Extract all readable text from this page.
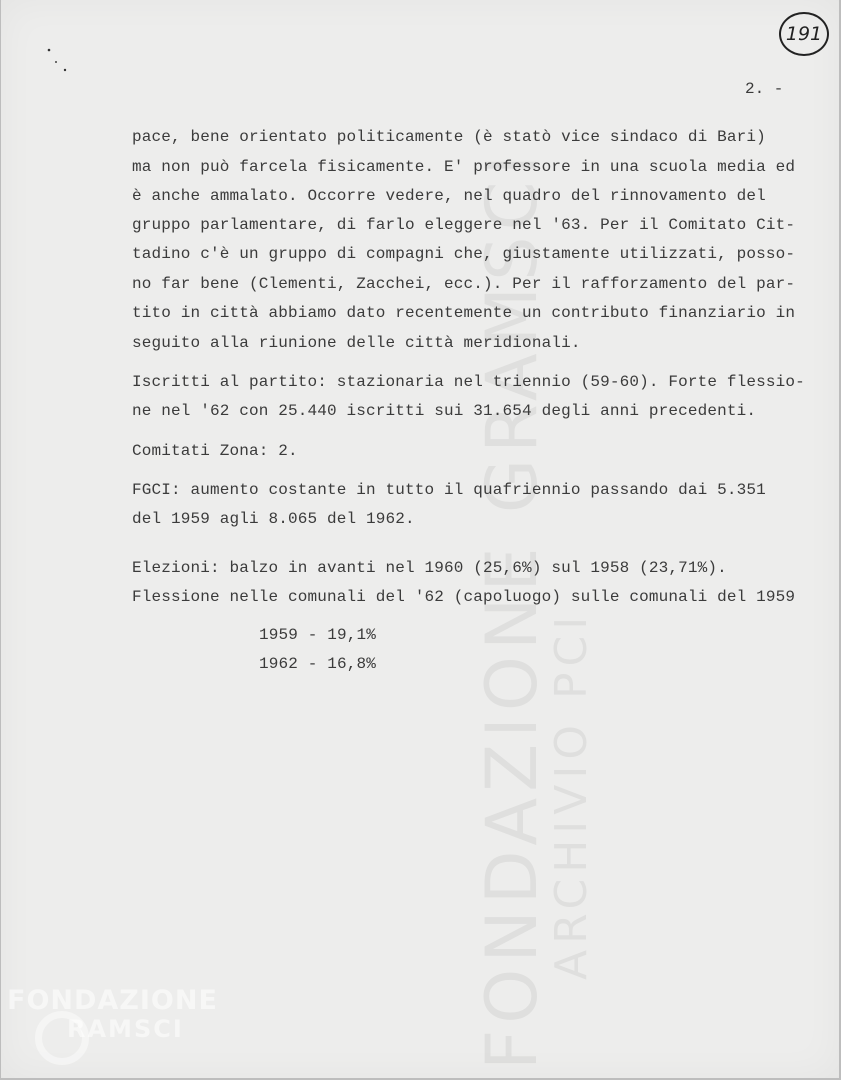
FONDAZIONE GRAMSCI
ARCHIVIO PCI
FONDAZIONE
RAMSCI
191
2. -
pace, bene orientato politicamente (è statò vice sindaco di Bari)
ma non può farcela fisicamente. E' professore in una scuola media ed
è anche ammalato. Occorre vedere, nel quadro del rinnovamento del
gruppo parlamentare, di farlo eleggere nel '63. Per il Comitato Cit-
tadino c'è un gruppo di compagni che, giustamente utilizzati, posso-
no far bene (Clementi, Zacchei, ecc.). Per il rafforzamento del par-
tito in città abbiamo dato recentemente un contributo finanziario in
seguito alla riunione delle città meridionali.
Iscritti al partito: stazionaria nel triennio (59-60). Forte flessio-
ne nel '62 con 25.440 iscritti sui 31.654 degli anni precedenti.
Comitati Zona: 2.
FGCI: aumento costante in tutto il quafriennio passando dai 5.351
del 1959 agli 8.065 del 1962.
Elezioni: balzo in avanti nel 1960 (25,6%) sul 1958 (23,71%).
Flessione nelle comunali del '62 (capoluogo) sulle comunali del 1959
1959 - 19,1%
1962 - 16,8%
